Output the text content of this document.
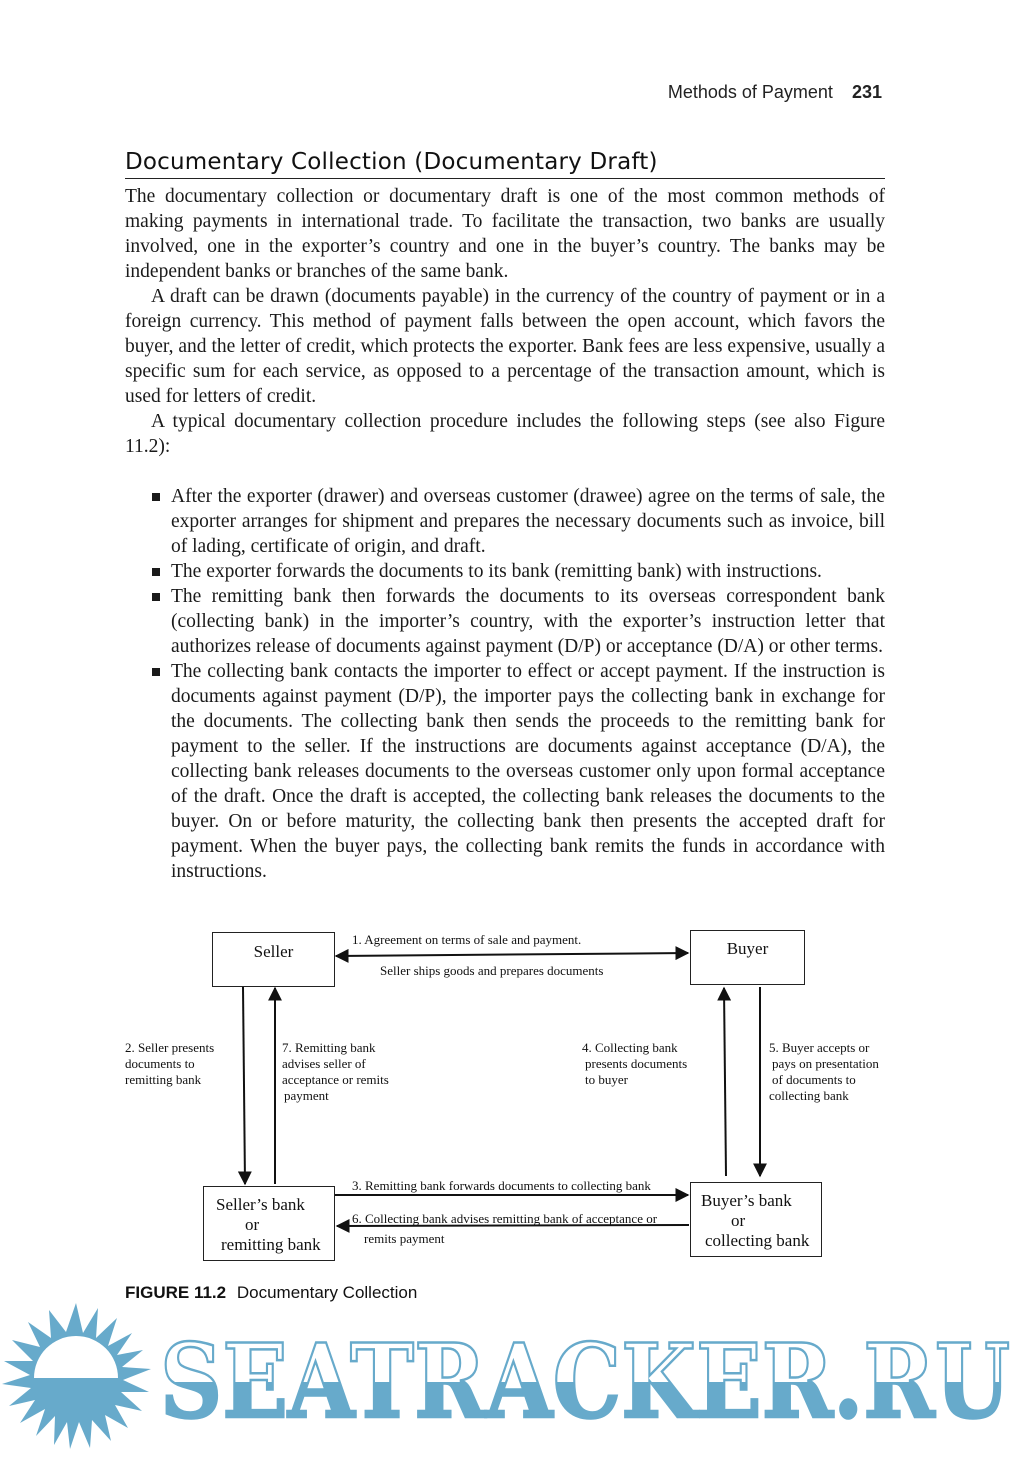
Methods of Payment 231
Documentary Collection (Documentary Draft)

The documentary collection or documentary draft is one of the most common methods of making payments in international trade. To facilitate the transaction, two banks are usually involved, one in the exporter’s country and one in the buyer’s country. The banks may be independent banks or branches of the same bank.

A draft can be drawn (documents payable) in the currency of the country of payment or in a foreign currency. This method of payment falls between the open account, which favors the buyer, and the letter of credit, which protects the exporter. Bank fees are less expensive, usually a specific sum for each service, as opposed to a percentage of the transaction amount, which is used for letters of credit.

A typical documentary collection procedure includes the following steps (see also Figure 11.2):

After the exporter (drawer) and overseas customer (drawee) agree on the terms of sale, the exporter arranges for shipment and prepares the necessary documents such as invoice, bill of lading, certificate of origin, and draft.
The exporter forwards the documents to its bank (remitting bank) with instructions.
The remitting bank then forwards the documents to its overseas correspondent bank (collecting bank) in the importer’s country, with the exporter’s instruction letter that authorizes release of documents against payment (D/P) or acceptance (D/A) or other terms.
The collecting bank contacts the importer to effect or accept payment. If the instruction is documents against payment (D/P), the importer pays the collecting bank in exchange for the documents. The collecting bank then sends the proceeds to the remitting bank for payment to the seller. If the instructions are documents against acceptance (D/A), the collecting bank releases documents to the overseas customer only upon formal acceptance of the draft. Once the draft is accepted, the collecting bank releases the documents to the buyer. On or before maturity, the collecting bank then presents the accepted draft for payment. When the buyer pays, the collecting bank remits the funds in accordance with instructions.
Seller	Buyer
Seller’s bank
or
remitting bank
Buyer’s bank
or
collecting bank
1. Agreement on terms of sale and payment.
Seller ships goods and prepares documents
2. Seller presents
documents to
remitting bank
7. Remitting bank
advises seller of
acceptance or remits
payment
4. Collecting bank
presents documents
to buyer
5. Buyer accepts or
pays on presentation
of documents to
collecting bank
3. Remitting bank forwards documents to collecting bank
6. Collecting bank advises remitting bank of acceptance or
remits payment
FIGURE 11.2 Documentary Collection
SEATRACKER.RU
